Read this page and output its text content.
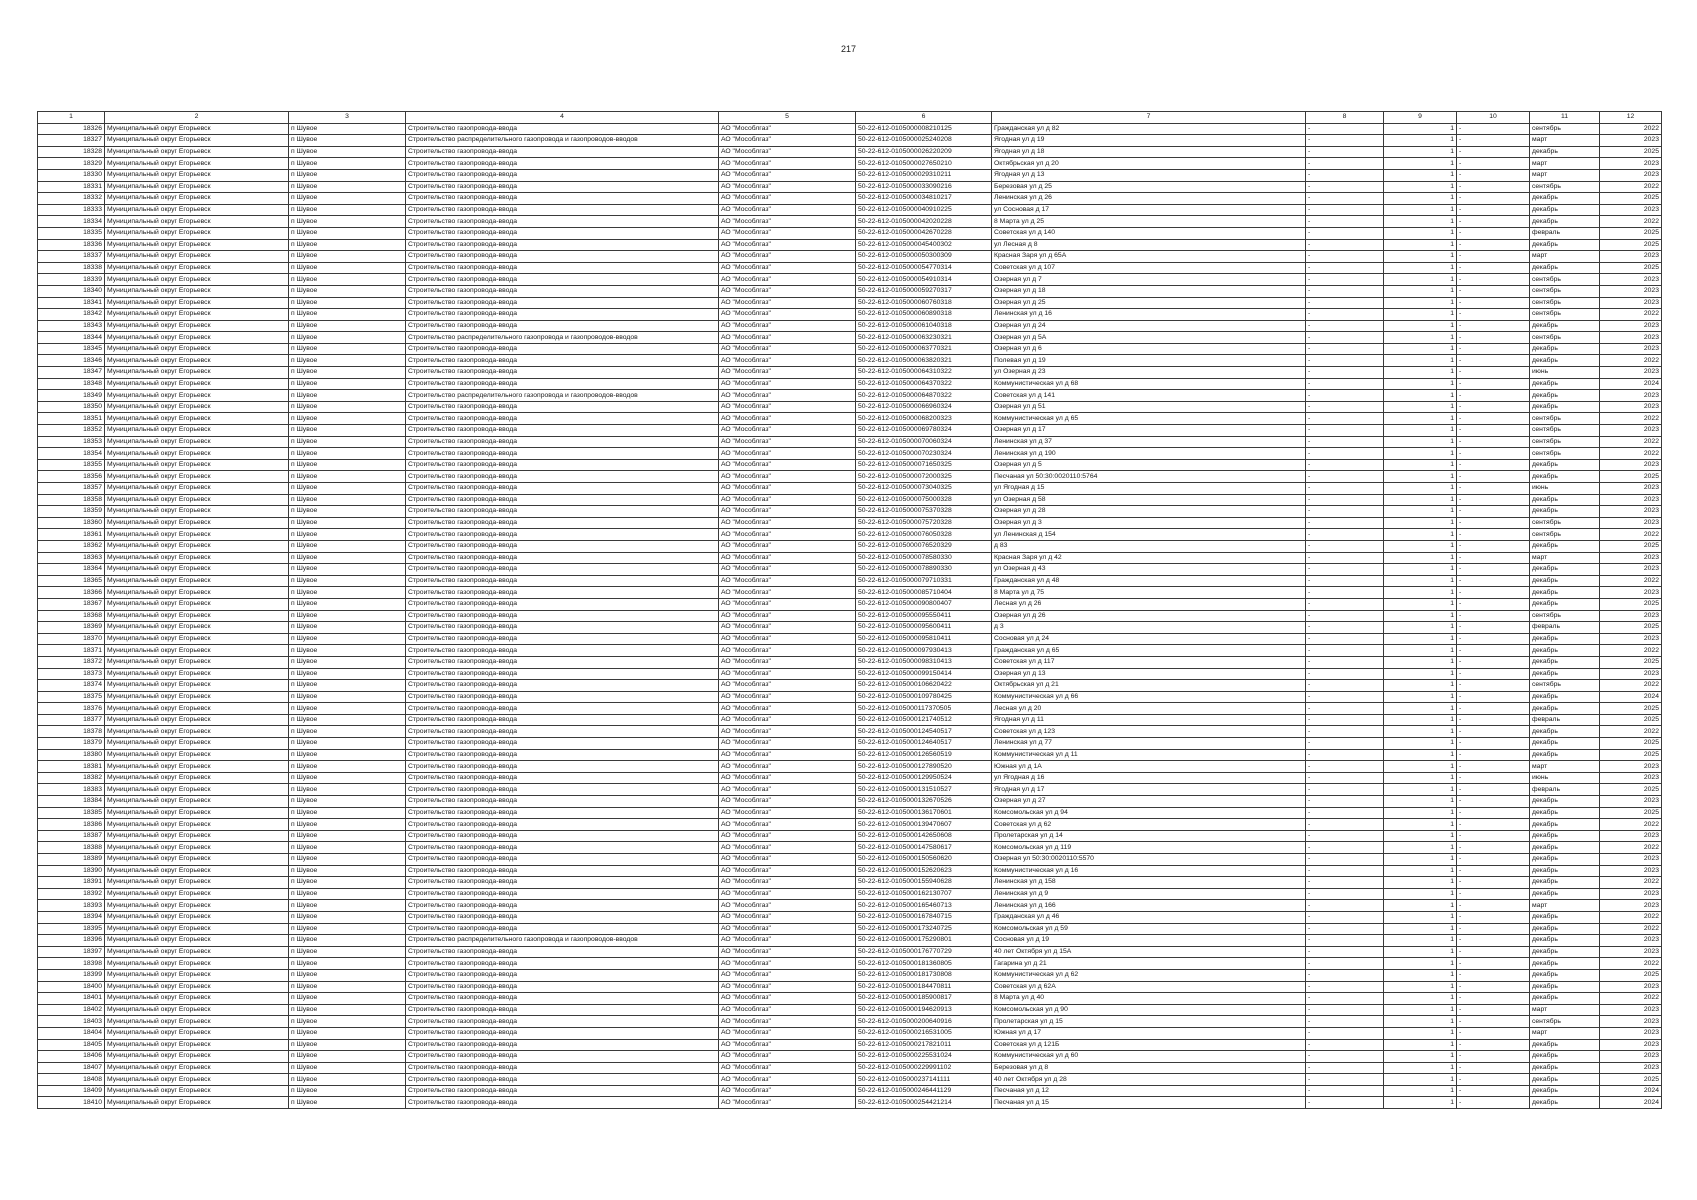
217
1	2	3	4	5	6	7	8	9	10	11	12
18326	Муниципальный округ Егорьевск	п Шувое	Строительство газопровода-ввода	АО "Мособлгаз"	50-22-612-0105000008210125	Гражданская ул д 82	-	1	-	сентябрь	2022
18327	Муниципальный округ Егорьевск	п Шувое	Строительство распределительного газопровода и газопроводов-вводов	АО "Мособлгаз"	50-22-612-0105000025240208	Ягодная ул д 19	-	1	-	март	2023
18328	Муниципальный округ Егорьевск	п Шувое	Строительство газопровода-ввода	АО "Мособлгаз"	50-22-612-0105000026220209	Ягодная ул д 18	-	1	-	декабрь	2025
18329	Муниципальный округ Егорьевск	п Шувое	Строительство газопровода-ввода	АО "Мособлгаз"	50-22-612-0105000027650210	Октябрьская ул д 20	-	1	-	март	2023
18330	Муниципальный округ Егорьевск	п Шувое	Строительство газопровода-ввода	АО "Мособлгаз"	50-22-612-0105000029310211	Ягодная ул д 13	-	1	-	март	2023
18331	Муниципальный округ Егорьевск	п Шувое	Строительство газопровода-ввода	АО "Мособлгаз"	50-22-612-0105000033090216	Березовая ул д 25	-	1	-	сентябрь	2022
18332	Муниципальный округ Егорьевск	п Шувое	Строительство газопровода-ввода	АО "Мособлгаз"	50-22-612-0105000034810217	Ленинская ул д 26	-	1	-	декабрь	2025
18333	Муниципальный округ Егорьевск	п Шувое	Строительство газопровода-ввода	АО "Мособлгаз"	50-22-612-0105000040910225	ул Сосновая д 17	-	1	-	декабрь	2023
18334	Муниципальный округ Егорьевск	п Шувое	Строительство газопровода-ввода	АО "Мособлгаз"	50-22-612-0105000042020228	8 Марта ул д 25	-	1	-	декабрь	2022
18335	Муниципальный округ Егорьевск	п Шувое	Строительство газопровода-ввода	АО "Мособлгаз"	50-22-612-0105000042670228	Советская ул д 140	-	1	-	февраль	2025
18336	Муниципальный округ Егорьевск	п Шувое	Строительство газопровода-ввода	АО "Мособлгаз"	50-22-612-0105000045400302	ул Лесная д 8	-	1	-	декабрь	2025
18337	Муниципальный округ Егорьевск	п Шувое	Строительство газопровода-ввода	АО "Мособлгаз"	50-22-612-0105000050300309	Красная Заря ул д 65А	-	1	-	март	2023
18338	Муниципальный округ Егорьевск	п Шувое	Строительство газопровода-ввода	АО "Мособлгаз"	50-22-612-0105000054770314	Советская ул д 107	-	1	-	декабрь	2025
18339	Муниципальный округ Егорьевск	п Шувое	Строительство газопровода-ввода	АО "Мособлгаз"	50-22-612-0105000054910314	Озерная ул д 7	-	1	-	сентябрь	2023
18340	Муниципальный округ Егорьевск	п Шувое	Строительство газопровода-ввода	АО "Мособлгаз"	50-22-612-0105000059270317	Озерная ул д 18	-	1	-	сентябрь	2023
18341	Муниципальный округ Егорьевск	п Шувое	Строительство газопровода-ввода	АО "Мособлгаз"	50-22-612-0105000060760318	Озерная ул д 25	-	1	-	сентябрь	2023
18342	Муниципальный округ Егорьевск	п Шувое	Строительство газопровода-ввода	АО "Мособлгаз"	50-22-612-0105000060890318	Ленинская ул д 16	-	1	-	сентябрь	2022
18343	Муниципальный округ Егорьевск	п Шувое	Строительство газопровода-ввода	АО "Мособлгаз"	50-22-612-0105000061040318	Озерная ул д 24	-	1	-	декабрь	2023
18344	Муниципальный округ Егорьевск	п Шувое	Строительство распределительного газопровода и газопроводов-вводов	АО "Мособлгаз"	50-22-612-0105000063230321	Озерная ул д 5А	-	1	-	сентябрь	2023
18345	Муниципальный округ Егорьевск	п Шувое	Строительство газопровода-ввода	АО "Мособлгаз"	50-22-612-0105000063770321	Озерная ул д 6	-	1	-	декабрь	2023
18346	Муниципальный округ Егорьевск	п Шувое	Строительство газопровода-ввода	АО "Мособлгаз"	50-22-612-0105000063820321	Полевая ул д 19	-	1	-	декабрь	2022
18347	Муниципальный округ Егорьевск	п Шувое	Строительство газопровода-ввода	АО "Мособлгаз"	50-22-612-0105000064310322	ул Озерная д 23	-	1	-	июнь	2023
18348	Муниципальный округ Егорьевск	п Шувое	Строительство газопровода-ввода	АО "Мособлгаз"	50-22-612-0105000064370322	Коммунистическая ул д 68	-	1	-	декабрь	2024
18349	Муниципальный округ Егорьевск	п Шувое	Строительство распределительного газопровода и газопроводов-вводов	АО "Мособлгаз"	50-22-612-0105000064870322	Советская ул д 141	-	1	-	декабрь	2023
18350	Муниципальный округ Егорьевск	п Шувое	Строительство газопровода-ввода	АО "Мособлгаз"	50-22-612-0105000066960324	Озерная ул д 51	-	1	-	декабрь	2023
18351	Муниципальный округ Егорьевск	п Шувое	Строительство газопровода-ввода	АО "Мособлгаз"	50-22-612-0105000068200323	Коммунистическая ул д 65	-	1	-	сентябрь	2022
18352	Муниципальный округ Егорьевск	п Шувое	Строительство газопровода-ввода	АО "Мособлгаз"	50-22-612-0105000069780324	Озерная ул д 17	-	1	-	сентябрь	2023
18353	Муниципальный округ Егорьевск	п Шувое	Строительство газопровода-ввода	АО "Мособлгаз"	50-22-612-0105000070060324	Ленинская ул д 37	-	1	-	сентябрь	2022
18354	Муниципальный округ Егорьевск	п Шувое	Строительство газопровода-ввода	АО "Мособлгаз"	50-22-612-0105000070230324	Ленинская ул д 190	-	1	-	сентябрь	2022
18355	Муниципальный округ Егорьевск	п Шувое	Строительство газопровода-ввода	АО "Мособлгаз"	50-22-612-0105000071650325	Озерная ул д 5	-	1	-	декабрь	2023
18356	Муниципальный округ Егорьевск	п Шувое	Строительство газопровода-ввода	АО "Мособлгаз"	50-22-612-0105000072000325	Песчаная ул 50:30:0020110:5764	-	1	-	декабрь	2025
18357	Муниципальный округ Егорьевск	п Шувое	Строительство газопровода-ввода	АО "Мособлгаз"	50-22-612-0105000073040325	ул Ягодная д 15	-	1	-	июнь	2023
18358	Муниципальный округ Егорьевск	п Шувое	Строительство газопровода-ввода	АО "Мособлгаз"	50-22-612-0105000075000328	ул Озерная д 58	-	1	-	декабрь	2023
18359	Муниципальный округ Егорьевск	п Шувое	Строительство газопровода-ввода	АО "Мособлгаз"	50-22-612-0105000075370328	Озерная ул д 28	-	1	-	декабрь	2023
18360	Муниципальный округ Егорьевск	п Шувое	Строительство газопровода-ввода	АО "Мособлгаз"	50-22-612-0105000075720328	Озерная ул д 3	-	1	-	сентябрь	2023
18361	Муниципальный округ Егорьевск	п Шувое	Строительство газопровода-ввода	АО "Мособлгаз"	50-22-612-0105000076050328	ул Ленинская д 154	-	1	-	сентябрь	2022
18362	Муниципальный округ Егорьевск	п Шувое	Строительство газопровода-ввода	АО "Мособлгаз"	50-22-612-0105000076520329	д 83	-	1	-	декабрь	2025
18363	Муниципальный округ Егорьевск	п Шувое	Строительство газопровода-ввода	АО "Мособлгаз"	50-22-612-0105000078580330	Красная Заря ул д 42	-	1	-	март	2023
18364	Муниципальный округ Егорьевск	п Шувое	Строительство газопровода-ввода	АО "Мособлгаз"	50-22-612-0105000078890330	ул Озерная д 43	-	1	-	декабрь	2023
18365	Муниципальный округ Егорьевск	п Шувое	Строительство газопровода-ввода	АО "Мособлгаз"	50-22-612-0105000079710331	Гражданская ул д 48	-	1	-	декабрь	2022
18366	Муниципальный округ Егорьевск	п Шувое	Строительство газопровода-ввода	АО "Мособлгаз"	50-22-612-0105000085710404	8 Марта ул д 75	-	1	-	декабрь	2023
18367	Муниципальный округ Егорьевск	п Шувое	Строительство газопровода-ввода	АО "Мособлгаз"	50-22-612-0105000090800407	Лесная ул д 26	-	1	-	декабрь	2025
18368	Муниципальный округ Егорьевск	п Шувое	Строительство газопровода-ввода	АО "Мособлгаз"	50-22-612-0105000095550411	Озерная ул д 26	-	1	-	сентябрь	2023
18369	Муниципальный округ Егорьевск	п Шувое	Строительство газопровода-ввода	АО "Мособлгаз"	50-22-612-0105000095600411	д 3	-	1	-	февраль	2025
18370	Муниципальный округ Егорьевск	п Шувое	Строительство газопровода-ввода	АО "Мособлгаз"	50-22-612-0105000095810411	Сосновая ул д 24	-	1	-	декабрь	2023
18371	Муниципальный округ Егорьевск	п Шувое	Строительство газопровода-ввода	АО "Мособлгаз"	50-22-612-0105000097930413	Гражданская ул д 65	-	1	-	декабрь	2022
18372	Муниципальный округ Егорьевск	п Шувое	Строительство газопровода-ввода	АО "Мособлгаз"	50-22-612-0105000098310413	Советская ул д 117	-	1	-	декабрь	2025
18373	Муниципальный округ Егорьевск	п Шувое	Строительство газопровода-ввода	АО "Мособлгаз"	50-22-612-0105000099150414	Озерная ул д 13	-	1	-	декабрь	2023
18374	Муниципальный округ Егорьевск	п Шувое	Строительство газопровода-ввода	АО "Мособлгаз"	50-22-612-0105000106620422	Октябрьская ул д 21	-	1	-	сентябрь	2022
18375	Муниципальный округ Егорьевск	п Шувое	Строительство газопровода-ввода	АО "Мособлгаз"	50-22-612-0105000109780425	Коммунистическая ул д 66	-	1	-	декабрь	2024
18376	Муниципальный округ Егорьевск	п Шувое	Строительство газопровода-ввода	АО "Мособлгаз"	50-22-612-0105000117370505	Лесная ул д 20	-	1	-	декабрь	2025
18377	Муниципальный округ Егорьевск	п Шувое	Строительство газопровода-ввода	АО "Мособлгаз"	50-22-612-0105000121740512	Ягодная ул д 11	-	1	-	февраль	2025
18378	Муниципальный округ Егорьевск	п Шувое	Строительство газопровода-ввода	АО "Мособлгаз"	50-22-612-0105000124540517	Советская ул д 123	-	1	-	декабрь	2022
18379	Муниципальный округ Егорьевск	п Шувое	Строительство газопровода-ввода	АО "Мособлгаз"	50-22-612-0105000124640517	Ленинская ул д 77	-	1	-	декабрь	2025
18380	Муниципальный округ Егорьевск	п Шувое	Строительство газопровода-ввода	АО "Мособлгаз"	50-22-612-0105000126560519	Коммунистическая ул д 11	-	1	-	декабрь	2025
18381	Муниципальный округ Егорьевск	п Шувое	Строительство газопровода-ввода	АО "Мособлгаз"	50-22-612-0105000127890520	Южная ул д 1А	-	1	-	март	2023
18382	Муниципальный округ Егорьевск	п Шувое	Строительство газопровода-ввода	АО "Мособлгаз"	50-22-612-0105000129950524	ул Ягодная д 16	-	1	-	июнь	2023
18383	Муниципальный округ Егорьевск	п Шувое	Строительство газопровода-ввода	АО "Мособлгаз"	50-22-612-0105000131510527	Ягодная ул д 17	-	1	-	февраль	2025
18384	Муниципальный округ Егорьевск	п Шувое	Строительство газопровода-ввода	АО "Мособлгаз"	50-22-612-0105000132670526	Озерная ул д 27	-	1	-	декабрь	2023
18385	Муниципальный округ Егорьевск	п Шувое	Строительство газопровода-ввода	АО "Мособлгаз"	50-22-612-0105000136170601	Комсомольская ул д 94	-	1	-	декабрь	2025
18386	Муниципальный округ Егорьевск	п Шувое	Строительство газопровода-ввода	АО "Мособлгаз"	50-22-612-0105000139470607	Советская ул д 62	-	1	-	декабрь	2022
18387	Муниципальный округ Егорьевск	п Шувое	Строительство газопровода-ввода	АО "Мособлгаз"	50-22-612-0105000142650608	Пролетарская ул д 14	-	1	-	декабрь	2023
18388	Муниципальный округ Егорьевск	п Шувое	Строительство газопровода-ввода	АО "Мособлгаз"	50-22-612-0105000147580617	Комсомольская ул д 119	-	1	-	декабрь	2022
18389	Муниципальный округ Егорьевск	п Шувое	Строительство газопровода-ввода	АО "Мособлгаз"	50-22-612-0105000150560620	Озерная ул 50:30:0020110:5570	-	1	-	декабрь	2023
18390	Муниципальный округ Егорьевск	п Шувое	Строительство газопровода-ввода	АО "Мособлгаз"	50-22-612-0105000152620623	Коммунистическая ул д 16	-	1	-	декабрь	2023
18391	Муниципальный округ Егорьевск	п Шувое	Строительство газопровода-ввода	АО "Мособлгаз"	50-22-612-0105000155940628	Ленинская ул д 158	-	1	-	декабрь	2022
18392	Муниципальный округ Егорьевск	п Шувое	Строительство газопровода-ввода	АО "Мособлгаз"	50-22-612-0105000162130707	Ленинская ул д 9	-	1	-	декабрь	2023
18393	Муниципальный округ Егорьевск	п Шувое	Строительство газопровода-ввода	АО "Мособлгаз"	50-22-612-0105000165460713	Ленинская ул д 166	-	1	-	март	2023
18394	Муниципальный округ Егорьевск	п Шувое	Строительство газопровода-ввода	АО "Мособлгаз"	50-22-612-0105000167840715	Гражданская ул д 46	-	1	-	декабрь	2022
18395	Муниципальный округ Егорьевск	п Шувое	Строительство газопровода-ввода	АО "Мособлгаз"	50-22-612-0105000173240725	Комсомольская ул д 59	-	1	-	декабрь	2022
18396	Муниципальный округ Егорьевск	п Шувое	Строительство распределительного газопровода и газопроводов-вводов	АО "Мособлгаз"	50-22-612-0105000175290801	Сосновая ул д 19	-	1	-	декабрь	2023
18397	Муниципальный округ Егорьевск	п Шувое	Строительство газопровода-ввода	АО "Мособлгаз"	50-22-612-0105000176770729	40 лет Октября ул д 15А	-	1	-	декабрь	2023
18398	Муниципальный округ Егорьевск	п Шувое	Строительство газопровода-ввода	АО "Мособлгаз"	50-22-612-0105000181360805	Гагарина ул д 21	-	1	-	декабрь	2022
18399	Муниципальный округ Егорьевск	п Шувое	Строительство газопровода-ввода	АО "Мособлгаз"	50-22-612-0105000181730808	Коммунистическая ул д 62	-	1	-	декабрь	2025
18400	Муниципальный округ Егорьевск	п Шувое	Строительство газопровода-ввода	АО "Мособлгаз"	50-22-612-0105000184470811	Советская ул д 62А	-	1	-	декабрь	2023
18401	Муниципальный округ Егорьевск	п Шувое	Строительство газопровода-ввода	АО "Мособлгаз"	50-22-612-0105000185900817	8 Марта ул д 40	-	1	-	декабрь	2022
18402	Муниципальный округ Егорьевск	п Шувое	Строительство газопровода-ввода	АО "Мособлгаз"	50-22-612-0105000194620913	Комсомольская ул д 90	-	1	-	март	2023
18403	Муниципальный округ Егорьевск	п Шувое	Строительство газопровода-ввода	АО "Мособлгаз"	50-22-612-0105000200640916	Пролетарская ул д 15	-	1	-	сентябрь	2023
18404	Муниципальный округ Егорьевск	п Шувое	Строительство газопровода-ввода	АО "Мособлгаз"	50-22-612-0105000216531005	Южная ул д 17	-	1	-	март	2023
18405	Муниципальный округ Егорьевск	п Шувое	Строительство газопровода-ввода	АО "Мособлгаз"	50-22-612-0105000217821011	Советская ул д 121Б	-	1	-	декабрь	2023
18406	Муниципальный округ Егорьевск	п Шувое	Строительство газопровода-ввода	АО "Мособлгаз"	50-22-612-0105000225531024	Коммунистическая ул д 60	-	1	-	декабрь	2023
18407	Муниципальный округ Егорьевск	п Шувое	Строительство газопровода-ввода	АО "Мособлгаз"	50-22-612-0105000229991102	Березовая ул д 8	-	1	-	декабрь	2023
18408	Муниципальный округ Егорьевск	п Шувое	Строительство газопровода-ввода	АО "Мособлгаз"	50-22-612-0105000237141111	40 лет Октября ул д 28	-	1	-	декабрь	2025
18409	Муниципальный округ Егорьевск	п Шувое	Строительство газопровода-ввода	АО "Мособлгаз"	50-22-612-0105000246441129	Песчаная ул д 12	-	1	-	декабрь	2024
18410	Муниципальный округ Егорьевск	п Шувое	Строительство газопровода-ввода	АО "Мособлгаз"	50-22-612-0105000254421214	Песчаная ул д 15	-	1	-	декабрь	2024
